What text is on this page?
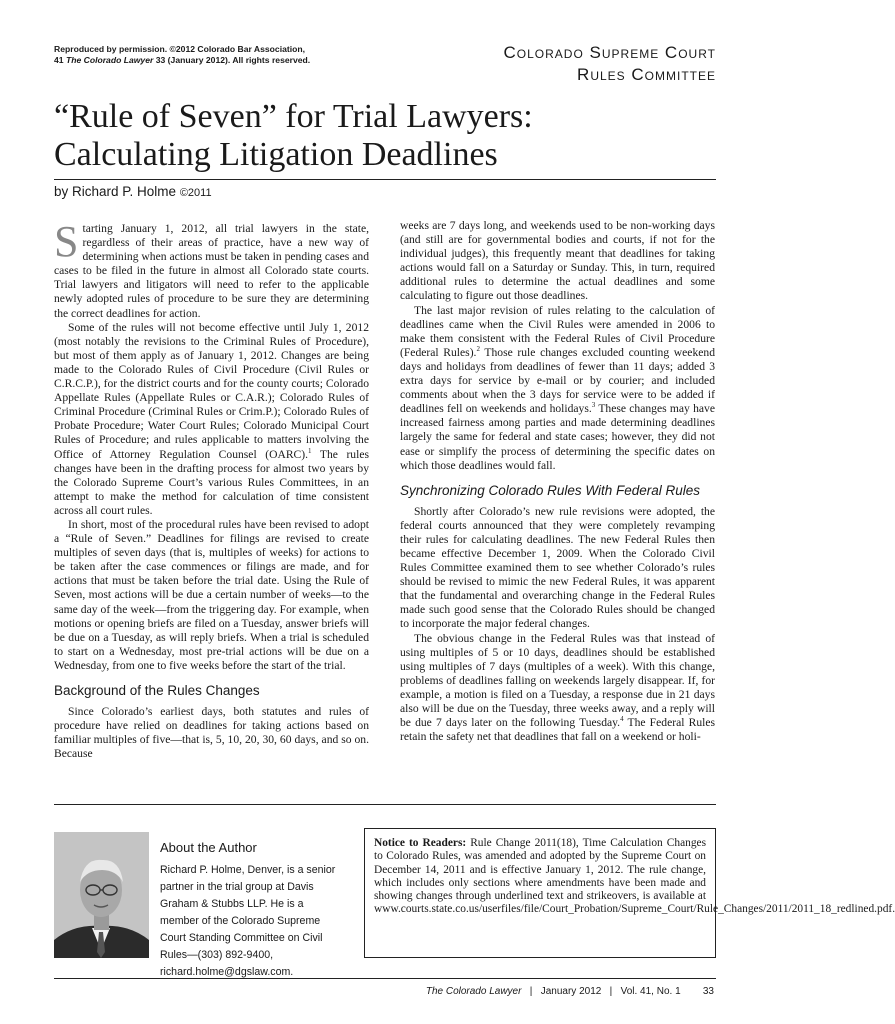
Reproduced by permission. ©2012 Colorado Bar Association,
41 The Colorado Lawyer 33 (January 2012). All rights reserved.	Colorado Supreme Court
Rules Committee
“Rule of Seven” for Trial Lawyers:
Calculating Litigation Deadlines
by Richard P. Holme ©2011

Starting January 1, 2012, all trial lawyers in the state, regardless of their areas of practice, have a new way of determining when actions must be taken in pending cases and cases to be filed in the future in almost all Colorado state courts. Trial lawyers and litigators will need to refer to the applicable newly adopted rules of procedure to be sure they are determining the correct deadlines for action.

Some of the rules will not become effective until July 1, 2012 (most notably the revisions to the Criminal Rules of Procedure), but most of them apply as of January 1, 2012. Changes are being made to the Colorado Rules of Civil Procedure (Civil Rules or C.R.C.P.), for the district courts and for the county courts; Colorado Appellate Rules (Appellate Rules or C.A.R.); Colorado Rules of Criminal Procedure (Criminal Rules or Crim.P.); Colorado Rules of Probate Procedure; Water Court Rules; Colorado Municipal Court Rules of Procedure; and rules applicable to matters involving the Office of Attorney Regulation Counsel (OARC).$^1$ The rules changes have been in the drafting process for almost two years by the Colorado Supreme Court’s various Rules Committees, in an attempt to make the method for calculation of time consistent across all court rules.

In short, most of the procedural rules have been revised to adopt a “Rule of Seven.” Deadlines for filings are revised to create multiples of seven days (that is, multiples of weeks) for actions to be taken after the case commences or filings are made, and for actions that must be taken before the trial date. Using the Rule of Seven, most actions will be due a certain number of weeks—to the same day of the week—from the triggering day. For example, when motions or opening briefs are filed on a Tuesday, answer briefs will be due on a Tuesday, as will reply briefs. When a trial is scheduled to start on a Wednesday, most pre-trial actions will be due on a Wednesday, from one to five weeks before the start of the trial.

Background of the Rules Changes

Since Colorado’s earliest days, both statutes and rules of procedure have relied on deadlines for taking actions based on familiar multiples of five—that is, 5, 10, 20, 30, 60 days, and so on. Because

weeks are 7 days long, and weekends used to be non-working days (and still are for governmental bodies and courts, if not for the individual judges), this frequently meant that deadlines for taking actions would fall on a Saturday or Sunday. This, in turn, required additional rules to determine the actual deadlines and some calculating to figure out those deadlines.

The last major revision of rules relating to the calculation of deadlines came when the Civil Rules were amended in 2006 to make them consistent with the Federal Rules of Civil Procedure (Federal Rules).$^2$ Those rule changes excluded counting weekend days and holidays from deadlines of fewer than 11 days; added 3 extra days for service by e-mail or by courier; and included comments about when the 3 days for service were to be added if deadlines fell on weekends and holidays.$^3$ These changes may have increased fairness among parties and made determining deadlines largely the same for federal and state cases; however, they did not ease or simplify the process of determining the specific dates on which those deadlines would fall.

Synchronizing Colorado Rules With Federal Rules

Shortly after Colorado’s new rule revisions were adopted, the federal courts announced that they were completely revamping their rules for calculating deadlines. The new Federal Rules then became effective December 1, 2009. When the Colorado Civil Rules Committee examined them to see whether Colorado’s rules should be revised to mimic the new Federal Rules, it was apparent that the fundamental and overarching change in the Federal Rules made such good sense that the Colorado Rules should be changed to incorporate the major federal changes.

The obvious change in the Federal Rules was that instead of using multiples of 5 or 10 days, deadlines should be established using multiples of 7 days (multiples of a week). With this change, problems of deadlines falling on weekends largely disappear. If, for example, a motion is filed on a Tuesday, a response due in 21 days also will be due on the Tuesday, three weeks away, and a reply will be due 7 days later on the following Tuesday.$^4$ The Federal Rules retain the safety net that deadlines that fall on a weekend or holi-

About the Author
Richard P. Holme, Denver, is a senior partner in the trial group at Davis Graham & Stubbs LLP. He is a member of the Colorado Supreme Court Standing Committee on Civil Rules—(303) 892-9400, richard.holme@dgslaw.com.
Notice to Readers: Rule Change 2011(18), Time Calculation Changes to Colorado Rules, was amended and adopted by the Supreme Court on December 14, 2011 and is effective January 1, 2012. The rule change, which includes only sections where amendments have been made and showing changes through underlined text and strikeovers, is available at www.courts.state.co.us/userfiles/file/Court_Probation/Supreme_Court/Rule_Changes/2011/2011_18_redlined.pdf.
The Colorado Lawyer   |   January 2012   |   Vol. 41, No. 1 33
